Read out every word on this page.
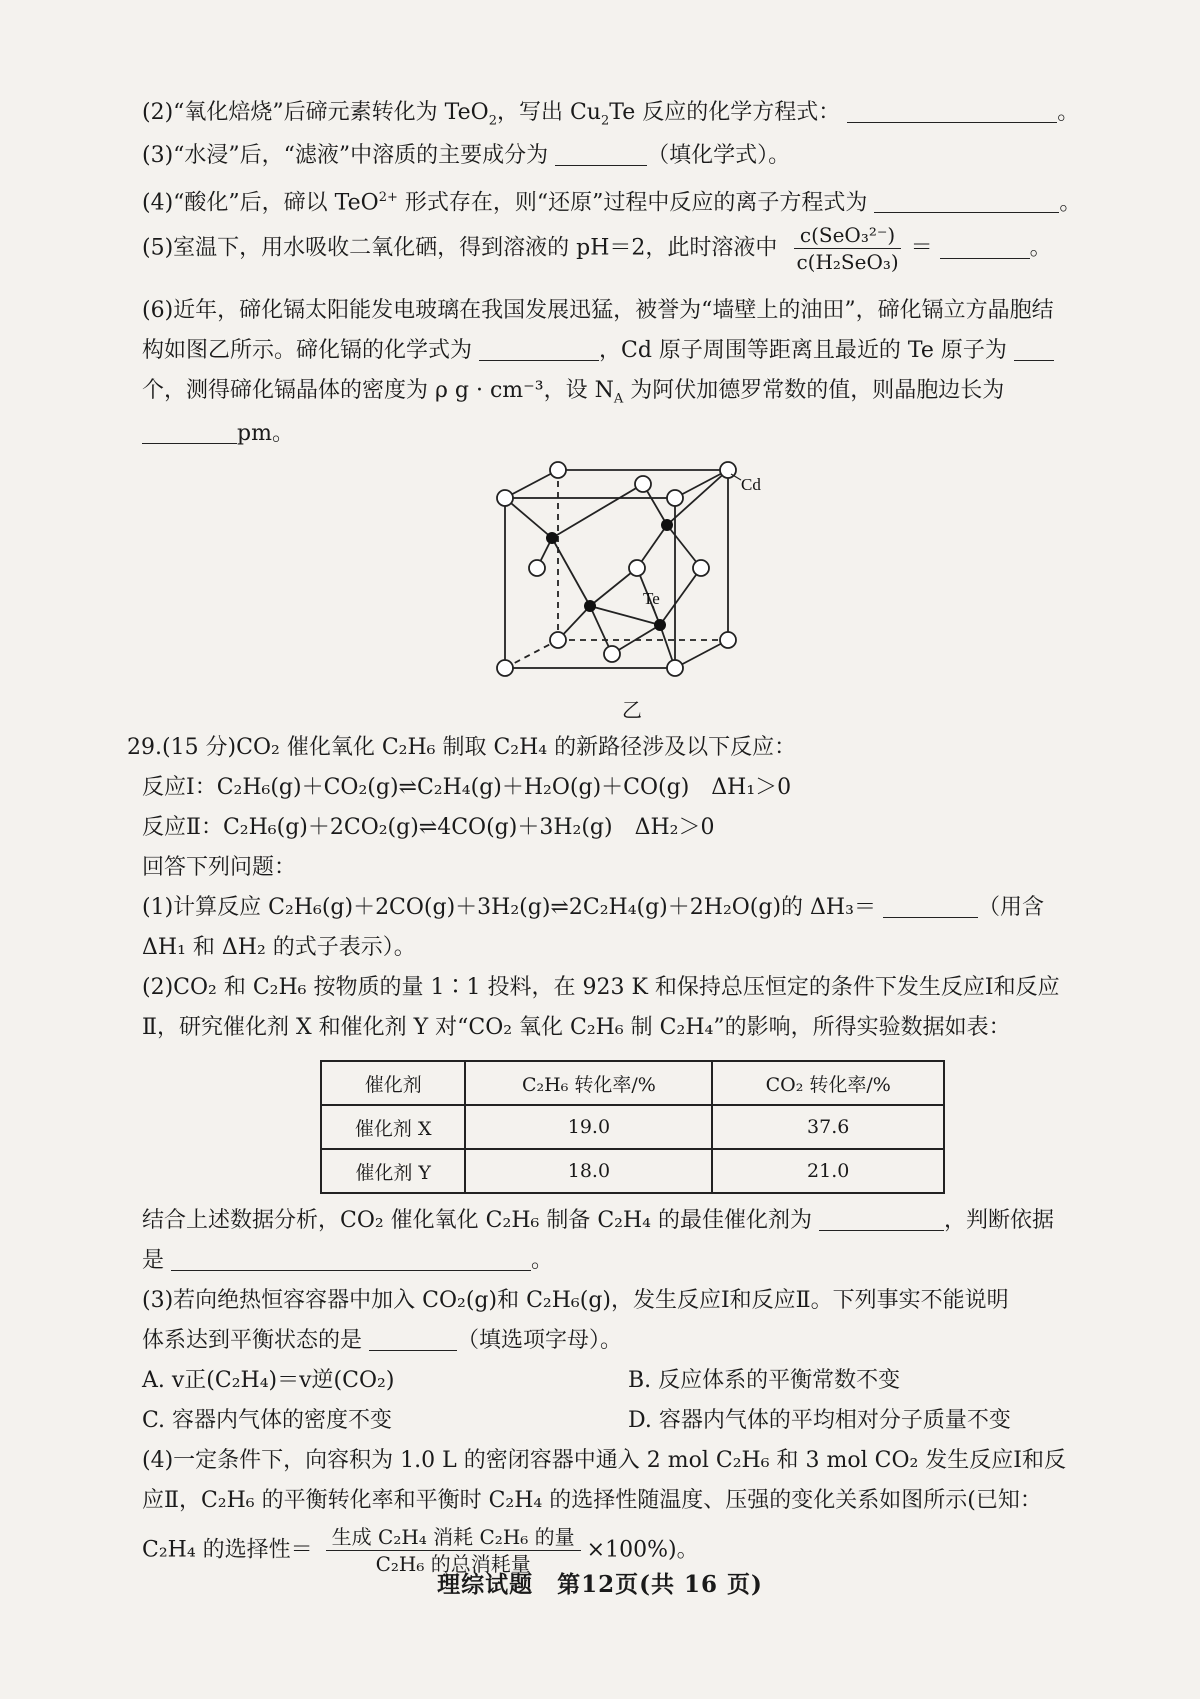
(2)“氧化焙烧”后碲元素转化为 TeO$_2$，写出 $Cu_2Te$ 反应的化学方程式：	。
(3)“水浸”后，“滤液”中溶质的主要成分为	（填化学式）。
(4)“酸化”后，碲以 TeO$^{2+}$ 形式存在，则“还原”过程中反应的离子方程式为	。
(5)室温下，用水吸收二氧化硒，得到溶液的 pH＝2，此时溶液中 $\frac{\text{c(SeO₃²⁻)}}{\text{c(H₂SeO₃)}}$ ＝	。
(6)近年，碲化镉太阳能发电玻璃在我国发展迅猛，被誉为“墙壁上的油田”，碲化镉立方晶胞结
构如图乙所示。碲化镉的化学式为	，Cd 原子周围等距离且最近的 Te 原子为
个，测得碲化镉晶体的密度为 ρ g · cm⁻³，设 $N_A$ 为阿伏加德罗常数的值，则晶胞边长为
pm。
Cd
Te
乙
29.(15 分)CO₂ 催化氧化 C₂H₆ 制取 C₂H₄ 的新路径涉及以下反应：
反应Ⅰ：C₂H₆(g)＋CO₂(g)⇌C₂H₄(g)＋H₂O(g)＋CO(g)　ΔH₁＞0
反应Ⅱ：C₂H₆(g)＋2CO₂(g)⇌4CO(g)＋3H₂(g)　ΔH₂＞0
回答下列问题：
(1)计算反应 C₂H₆(g)＋2CO(g)＋3H₂(g)⇌2C₂H₄(g)＋2H₂O(g)的 ΔH₃＝	（用含
ΔH₁ 和 ΔH₂ 的式子表示）。
(2)CO₂ 和 C₂H₆ 按物质的量 1∶1 投料，在 923 K 和保持总压恒定的条件下发生反应Ⅰ和反应
Ⅱ，研究催化剂 X 和催化剂 Y 对“CO₂ 氧化 C₂H₆ 制 C₂H₄”的影响，所得实验数据如表：
催化剂	C₂H₆ 转化率/%	CO₂ 转化率/%
催化剂 X	19.0	37.6
催化剂 Y	18.0	21.0
结合上述数据分析，CO₂ 催化氧化 C₂H₆ 制备 C₂H₄ 的最佳催化剂为	，判断依据
是	。
(3)若向绝热恒容容器中加入 CO₂(g)和 C₂H₆(g)，发生反应Ⅰ和反应Ⅱ。下列事实不能说明
体系达到平衡状态的是	（填选项字母）。
A. v正(C₂H₄)＝v逆(CO₂)	B. 反应体系的平衡常数不变
C. 容器内气体的密度不变	D. 容器内气体的平均相对分子质量不变
(4)一定条件下，向容积为 1.0 L 的密闭容器中通入 2 mol C₂H₆ 和 3 mol CO₂ 发生反应Ⅰ和反
应Ⅱ，C₂H₆ 的平衡转化率和平衡时 C₂H₄ 的选择性随温度、压强的变化关系如图所示(已知：
C₂H₄ 的选择性＝ $\frac{\text{生成 C₂H₄ 消耗 C₂H₆ 的量}}{\text{C₂H₆ 的总消耗量}} \times 100\%$)。
理综试题　第12页(共 16 页)
